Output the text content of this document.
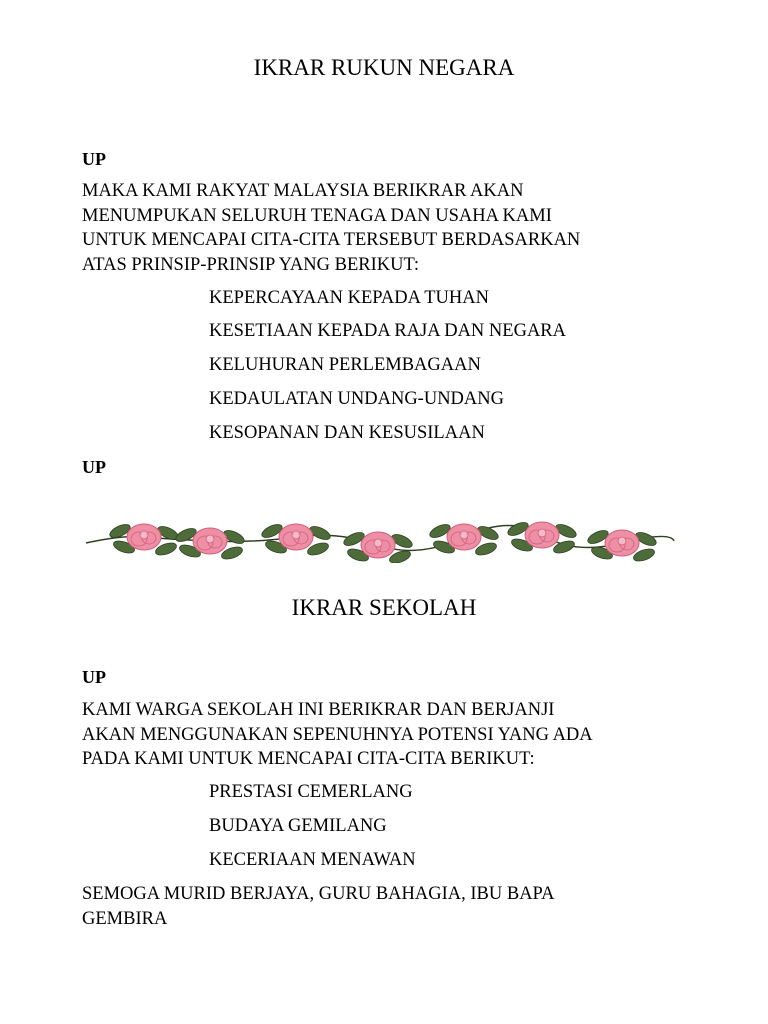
IKRAR RUKUN NEGARA

UP

MAKA KAMI RAKYAT MALAYSIA BERIKRAR AKAN
MENUMPUKAN SELURUH TENAGA DAN USAHA KAMI
UNTUK MENCAPAI CITA-CITA TERSEBUT BERDASARKAN
ATAS PRINSIP-PRINSIP YANG BERIKUT:

KEPERCAYAAN KEPADA TUHAN

KESETIAAN KEPADA RAJA DAN NEGARA

KELUHURAN PERLEMBAGAAN

KEDAULATAN UNDANG-UNDANG

KESOPANAN DAN KESUSILAAN

UP

IKRAR SEKOLAH

UP

KAMI WARGA SEKOLAH INI BERIKRAR DAN BERJANJI
AKAN MENGGUNAKAN SEPENUHNYA POTENSI YANG ADA
PADA KAMI UNTUK MENCAPAI CITA-CITA BERIKUT:

PRESTASI CEMERLANG

BUDAYA GEMILANG

KECERIAAN MENAWAN

SEMOGA MURID BERJAYA, GURU BAHAGIA, IBU BAPA
GEMBIRA
